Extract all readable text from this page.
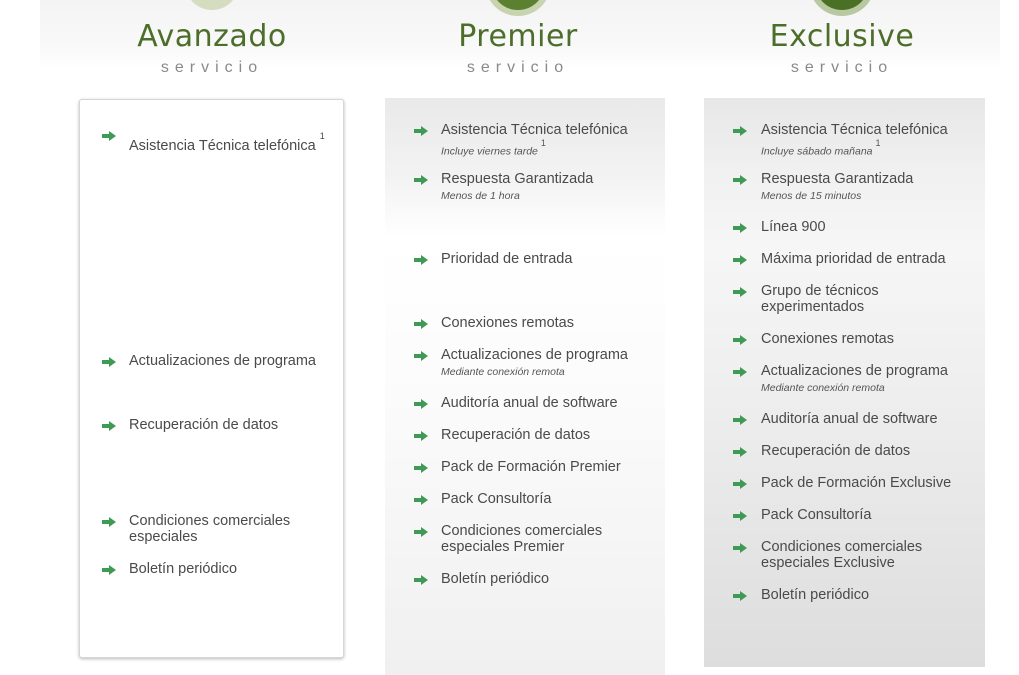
Avanzado
servicio
Premier
servicio
Exclusive
servicio
Asistencia Técnica telefónica$^1$
Actualizaciones de programa
Recuperación de datos
Condiciones comerciales especiales
Boletín periódico
Asistencia Técnica telefónica
Incluye viernes tarde$^1$
Respuesta Garantizada
Menos de 1 hora
Prioridad de entrada
Conexiones remotas
Actualizaciones de programa
Mediante conexión remota
Auditoría anual de software
Recuperación de datos
Pack de Formación Premier
Pack Consultoría
Condiciones comerciales especiales Premier
Boletín periódico
Asistencia Técnica telefónica
Incluye sábado mañana$^1$
Respuesta Garantizada
Menos de 15 minutos
Línea 900
Máxima prioridad de entrada
Grupo de técnicos experimentados
Conexiones remotas
Actualizaciones de programa
Mediante conexión remota
Auditoría anual de software
Recuperación de datos
Pack de Formación Exclusive
Pack Consultoría
Condiciones comerciales especiales Exclusive
Boletín periódico
